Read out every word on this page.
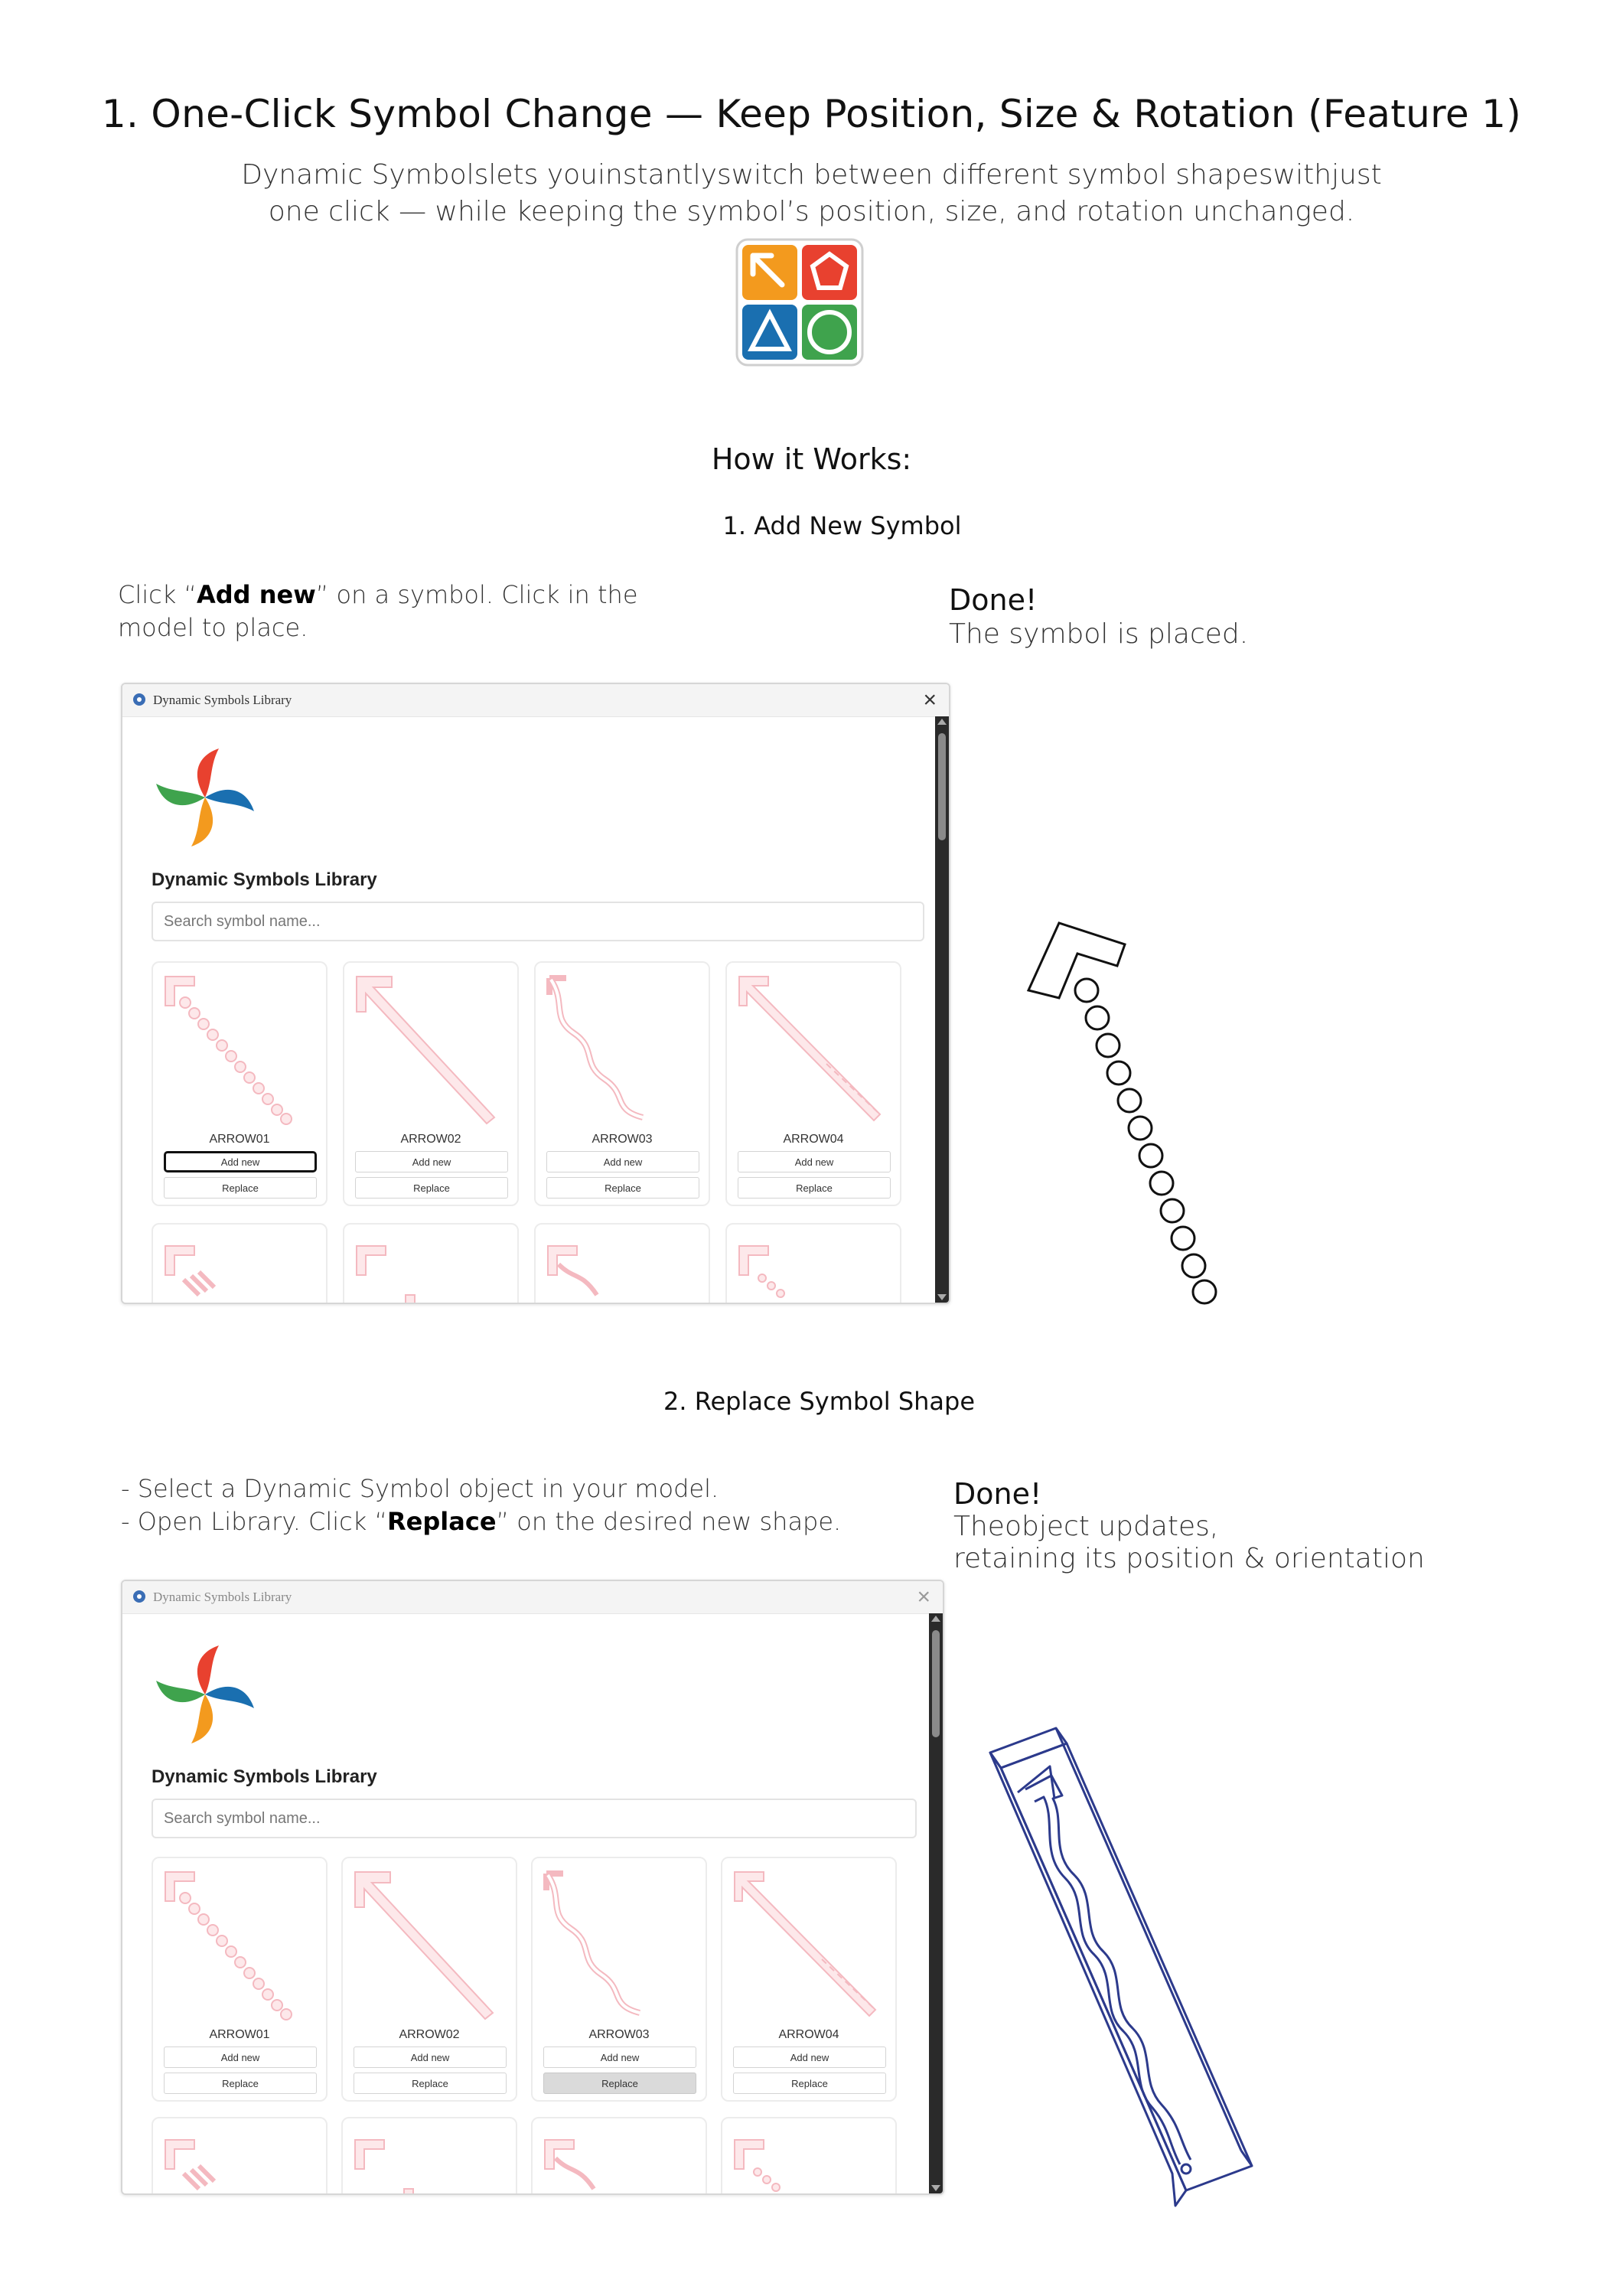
1. One-Click Symbol Change — Keep Position, Size & Rotation (Feature 1)
Dynamic Symbolslets youinstantlyswitch between different symbol shapeswithjust
one click — while keeping the symbol’s position, size, and rotation unchanged.
How it Works:
1. Add New Symbol
Click “Add new” on a symbol. Click in the
model to place.
Done!
The symbol is placed.
Dynamic Symbols Library	×
Dynamic Symbols Library
Search symbol name...
ARROW01
Add new
Replace
ARROW02
Add new
Replace
ARROW03
Add new
Replace
ARROW04
Add new
Replace
2. Replace Symbol Shape
- Select a Dynamic Symbol object in your model.
- Open Library. Click “Replace” on the desired new shape.
Done!
Theobject updates,
retaining its position & orientation
Dynamic Symbols Library	×
Dynamic Symbols Library
Search symbol name...
ARROW01
Add new
Replace
ARROW02
Add new
Replace
ARROW03
Add new
Replace
ARROW04
Add new
Replace
